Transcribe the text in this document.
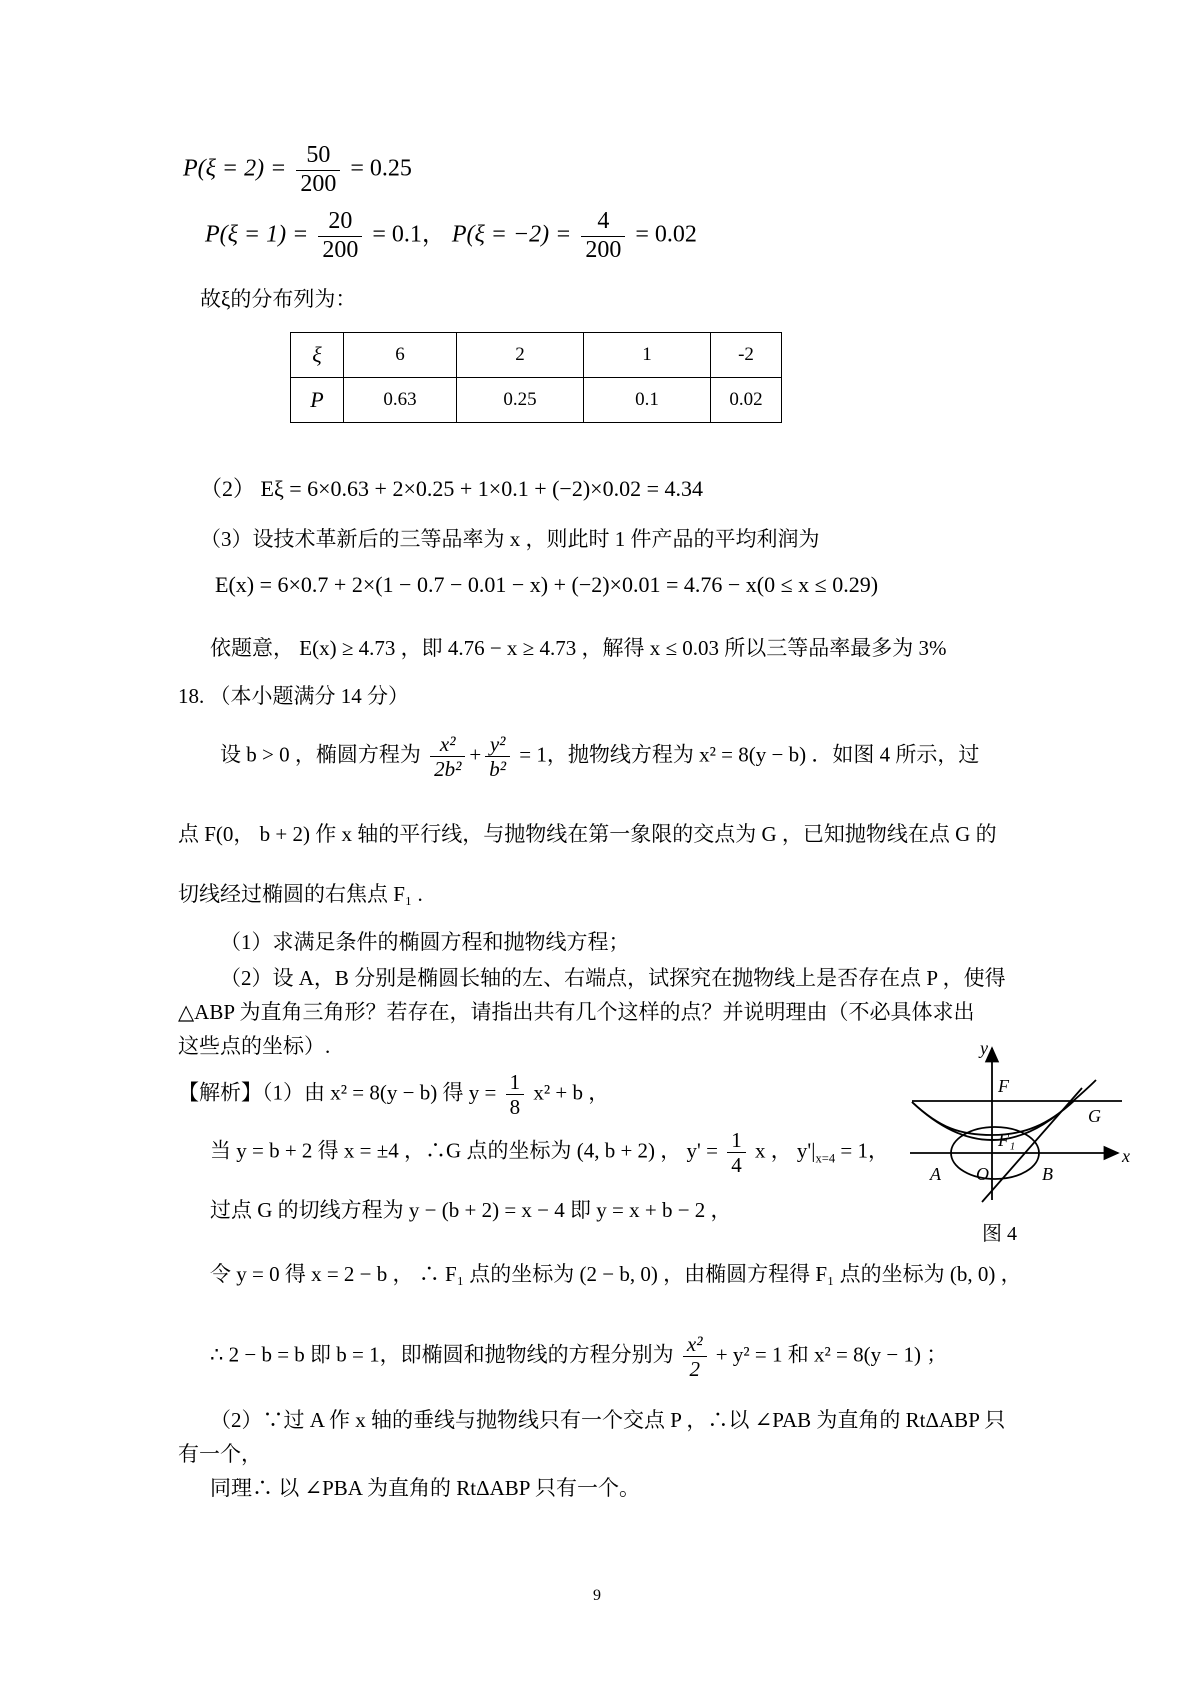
$P(\xi = 2) = \frac{50}{200} = 0.25$
$P(\xi = 1) = \frac{20}{200} = 0.1$， $P(\xi = -2) = \frac{4}{200} = 0.02$
故ξ的分布列为：
ξ	6	2	1	-2
P	0.63	0.25	0.1	0.02
（2） Eξ = 6×0.63 + 2×0.25 + 1×0.1 + (−2)×0.02 = 4.34
（3）设技术革新后的三等品率为 x ，则此时 1 件产品的平均利润为
E(x) = 6×0.7 + 2×(1 − 0.7 − 0.01 − x) + (−2)×0.01 = 4.76 − x(0 ≤ x ≤ 0.29)
依题意， E(x) ≥ 4.73 ，即 4.76 − x ≥ 4.73 ，解得 x ≤ 0.03 所以三等品率最多为 3%
18. （本小题满分 14 分）
设 b > 0 ，椭圆方程为 $\frac{\text{x²}}{\text{2b²}} + \frac{\text{y²}}{\text{b²}} = 1$，抛物线方程为 x² = 8(y − b) ．如图 4 所示，过
点 F(0， b + 2) 作 x 轴的平行线，与抛物线在第一象限的交点为 G ，已知抛物线在点 G 的
切线经过椭圆的右焦点 F₁ .
（1）求满足条件的椭圆方程和抛物线方程；
（2）设 A，B 分别是椭圆长轴的左、右端点，试探究在抛物线上是否存在点 P ，使得
△ABP 为直角三角形？若存在，请指出共有几个这样的点？并说明理由（不必具体求出
这些点的坐标）.
【解析】（1）由 x² = 8(y − b) 得 $y = \frac{1}{8} x^2 + b$ ，
当 y = b + 2 得 x = ±4 ，∴G 点的坐标为 (4, b + 2) ， $y' = \frac{1}{4}$ x ， $y'|_{x=4} = 1$，
过点 G 的切线方程为 y − (b + 2) = x − 4 即 y = x + b − 2 ，
令 y = 0 得 x = 2 − b ， ∴ F₁ 点的坐标为 (2 − b, 0) ，由椭圆方程得 F₁ 点的坐标为 (b, 0) ，
∴ 2 − b = b 即 b = 1，即椭圆和抛物线的方程分别为 $\frac{\text{x²}}{2} + y^2 = 1$ 和 x² = 8(y − 1) ；
（2）∵过 A 作 x 轴的垂线与抛物线只有一个交点 P ，∴以 ∠PAB 为直角的 RtΔABP 只
有一个，
同理∴ 以 ∠PBA 为直角的 RtΔABP 只有一个。
y
x
F
G
F₁
A O	B
图 4
9
